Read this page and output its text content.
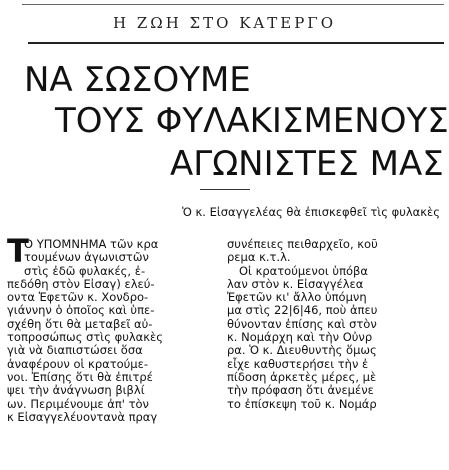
Η ΖΩΗ ΣΤΟ ΚΑΤΕΡΓΟ
ΝΑ ΣΩΣΟΥΜΕ
ΤΟΥΣ ΦΥΛΑΚΙΣΜΕΝΟΥΣ
ΑΓΩΝΙΣΤΕΣ ΜΑΣ
Ὁ κ. Εἰσαγγελέας θὰ ἐπισκεφθεῖ τὶς φυλακὲς
Τ
Ο ΥΠΟΜΝΗΜΑ τῶν κρα
τουμένων ἀγωνιστῶν
στὶς ἐδῶ φυλακές, ἐ-
πεδόθη στὸν Εἰσαγ) ελεύ-
οντα Ἐφετῶν κ. Χονδρο-
γιάννην ὁ ὁποῖος καὶ ὑπε-
σχέθη ὅτι θὰ μεταβεῖ αὐ-
τοπροσώπως στὶς φυλακὲς
γιὰ νὰ διαπιστώσει ὅσα
ἀναφέρουν οἱ κρατούμε-
νοι. Ἐπίσης ὅτι θὰ ἐπιτρέ
ψει τὴν ἀνάγνωση βιβλί
ων. Περιμένουμε ἀπ' τὸν
κ Εἰσαγγελέυοντανὰ πραγ
συνέπειες πειθαρχεῖο, κοῦ
ρεμα κ.τ.λ.
Οἱ κρατούμενοι ὑπόβα
λαν στὸν κ. Εἰσαγγέλεα
Ἐφετῶν κι' ἄλλο ὑπόμνη
μα στὶς 22|6|46, ποὺ ἀπευ
θύνονταν ἐπίσης καὶ στὸν
κ. Νομάρχη καὶ τὴν Οὐνρ
ρα. Ὁ κ. Διευθυντὴς ὅμως
εἶχε καθυστερήσει τὴν ἐ
πίδοση ἀρκετὲς μέρες, μὲ
τὴν πρόφαση ὅτι ἀνεμένε
το ἐπίσκεψη τοῦ κ. Νομάρ
